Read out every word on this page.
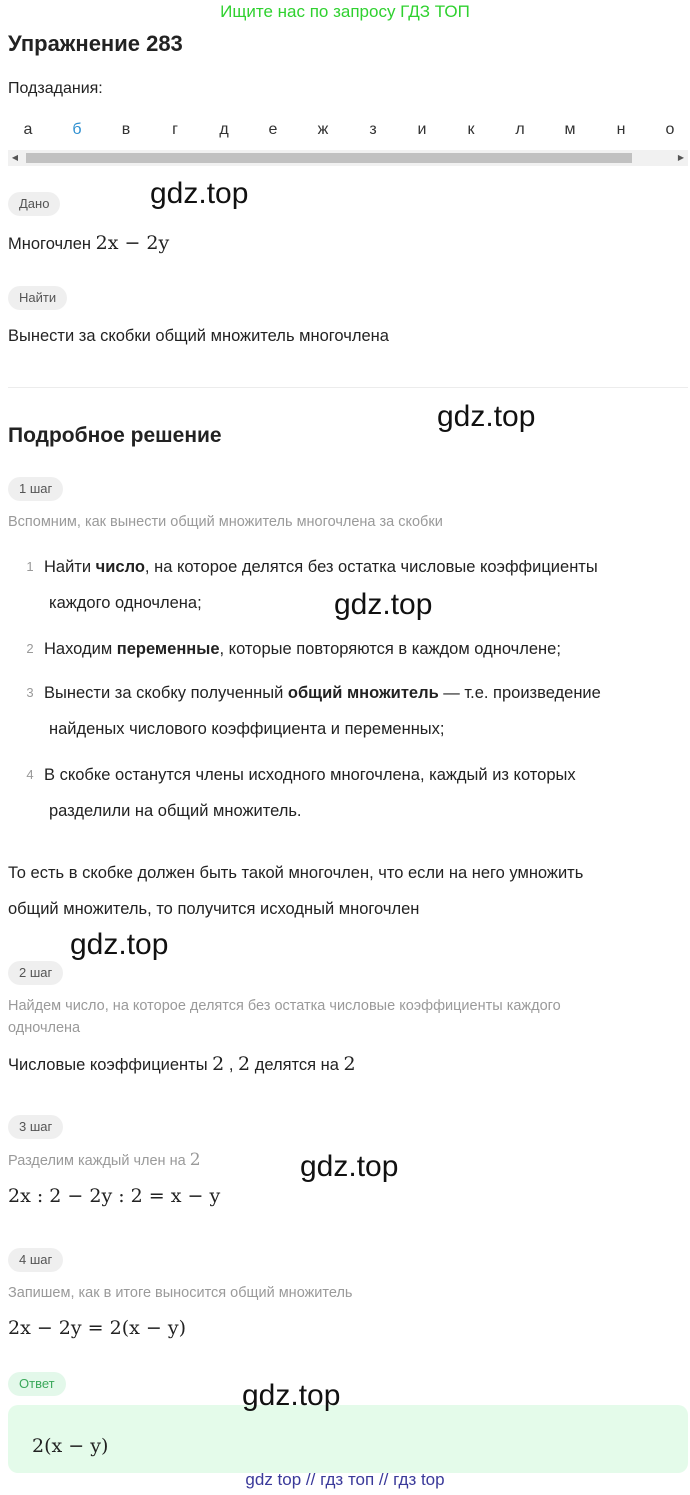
Ищите нас по запросу ГДЗ ТОП
Упражнение 283
Подзадания:
а	б	в	г	д	е	ж	з	и	к	л	м	н	о
◀	▶
Дано	gdz.top
Многочлен 2x − 2y
Найти
Вынести за скобки общий множитель многочлена
gdz.top
Подробное решение
1 шаг
Вспомним, как вынести общий множитель многочлена за скобки
1 Найти число, на которое делятся без остатка числовые коэффициенты
каждого одночлена;	gdz.top
2 Находим переменные, которые повторяются в каждом одночлене;
3 Вынести за скобку полученный общий множитель — т.е. произведение
найденых числового коэффициента и переменных;
4 В скобке останутся члены исходного многочлена, каждый из которых
разделили на общий множитель.
То есть в скобке должен быть такой многочлен, что если на него умножить
общий множитель, то получится исходный многочлен
gdz.top
2 шаг
Найдем число, на которое делятся без остатка числовые коэффициенты каждого
одночлена
Числовые коэффициенты 2 , 2 делятся на 2
3 шаг
Разделим каждый член на 2	gdz.top
2x : 2 − 2y : 2 = x − y
4 шаг
Запишем, как в итоге выносится общий множитель
2x − 2y = 2(x − y)
Ответ
2(x − y)
gdz.top
gdz top // гдз топ // гдз top
